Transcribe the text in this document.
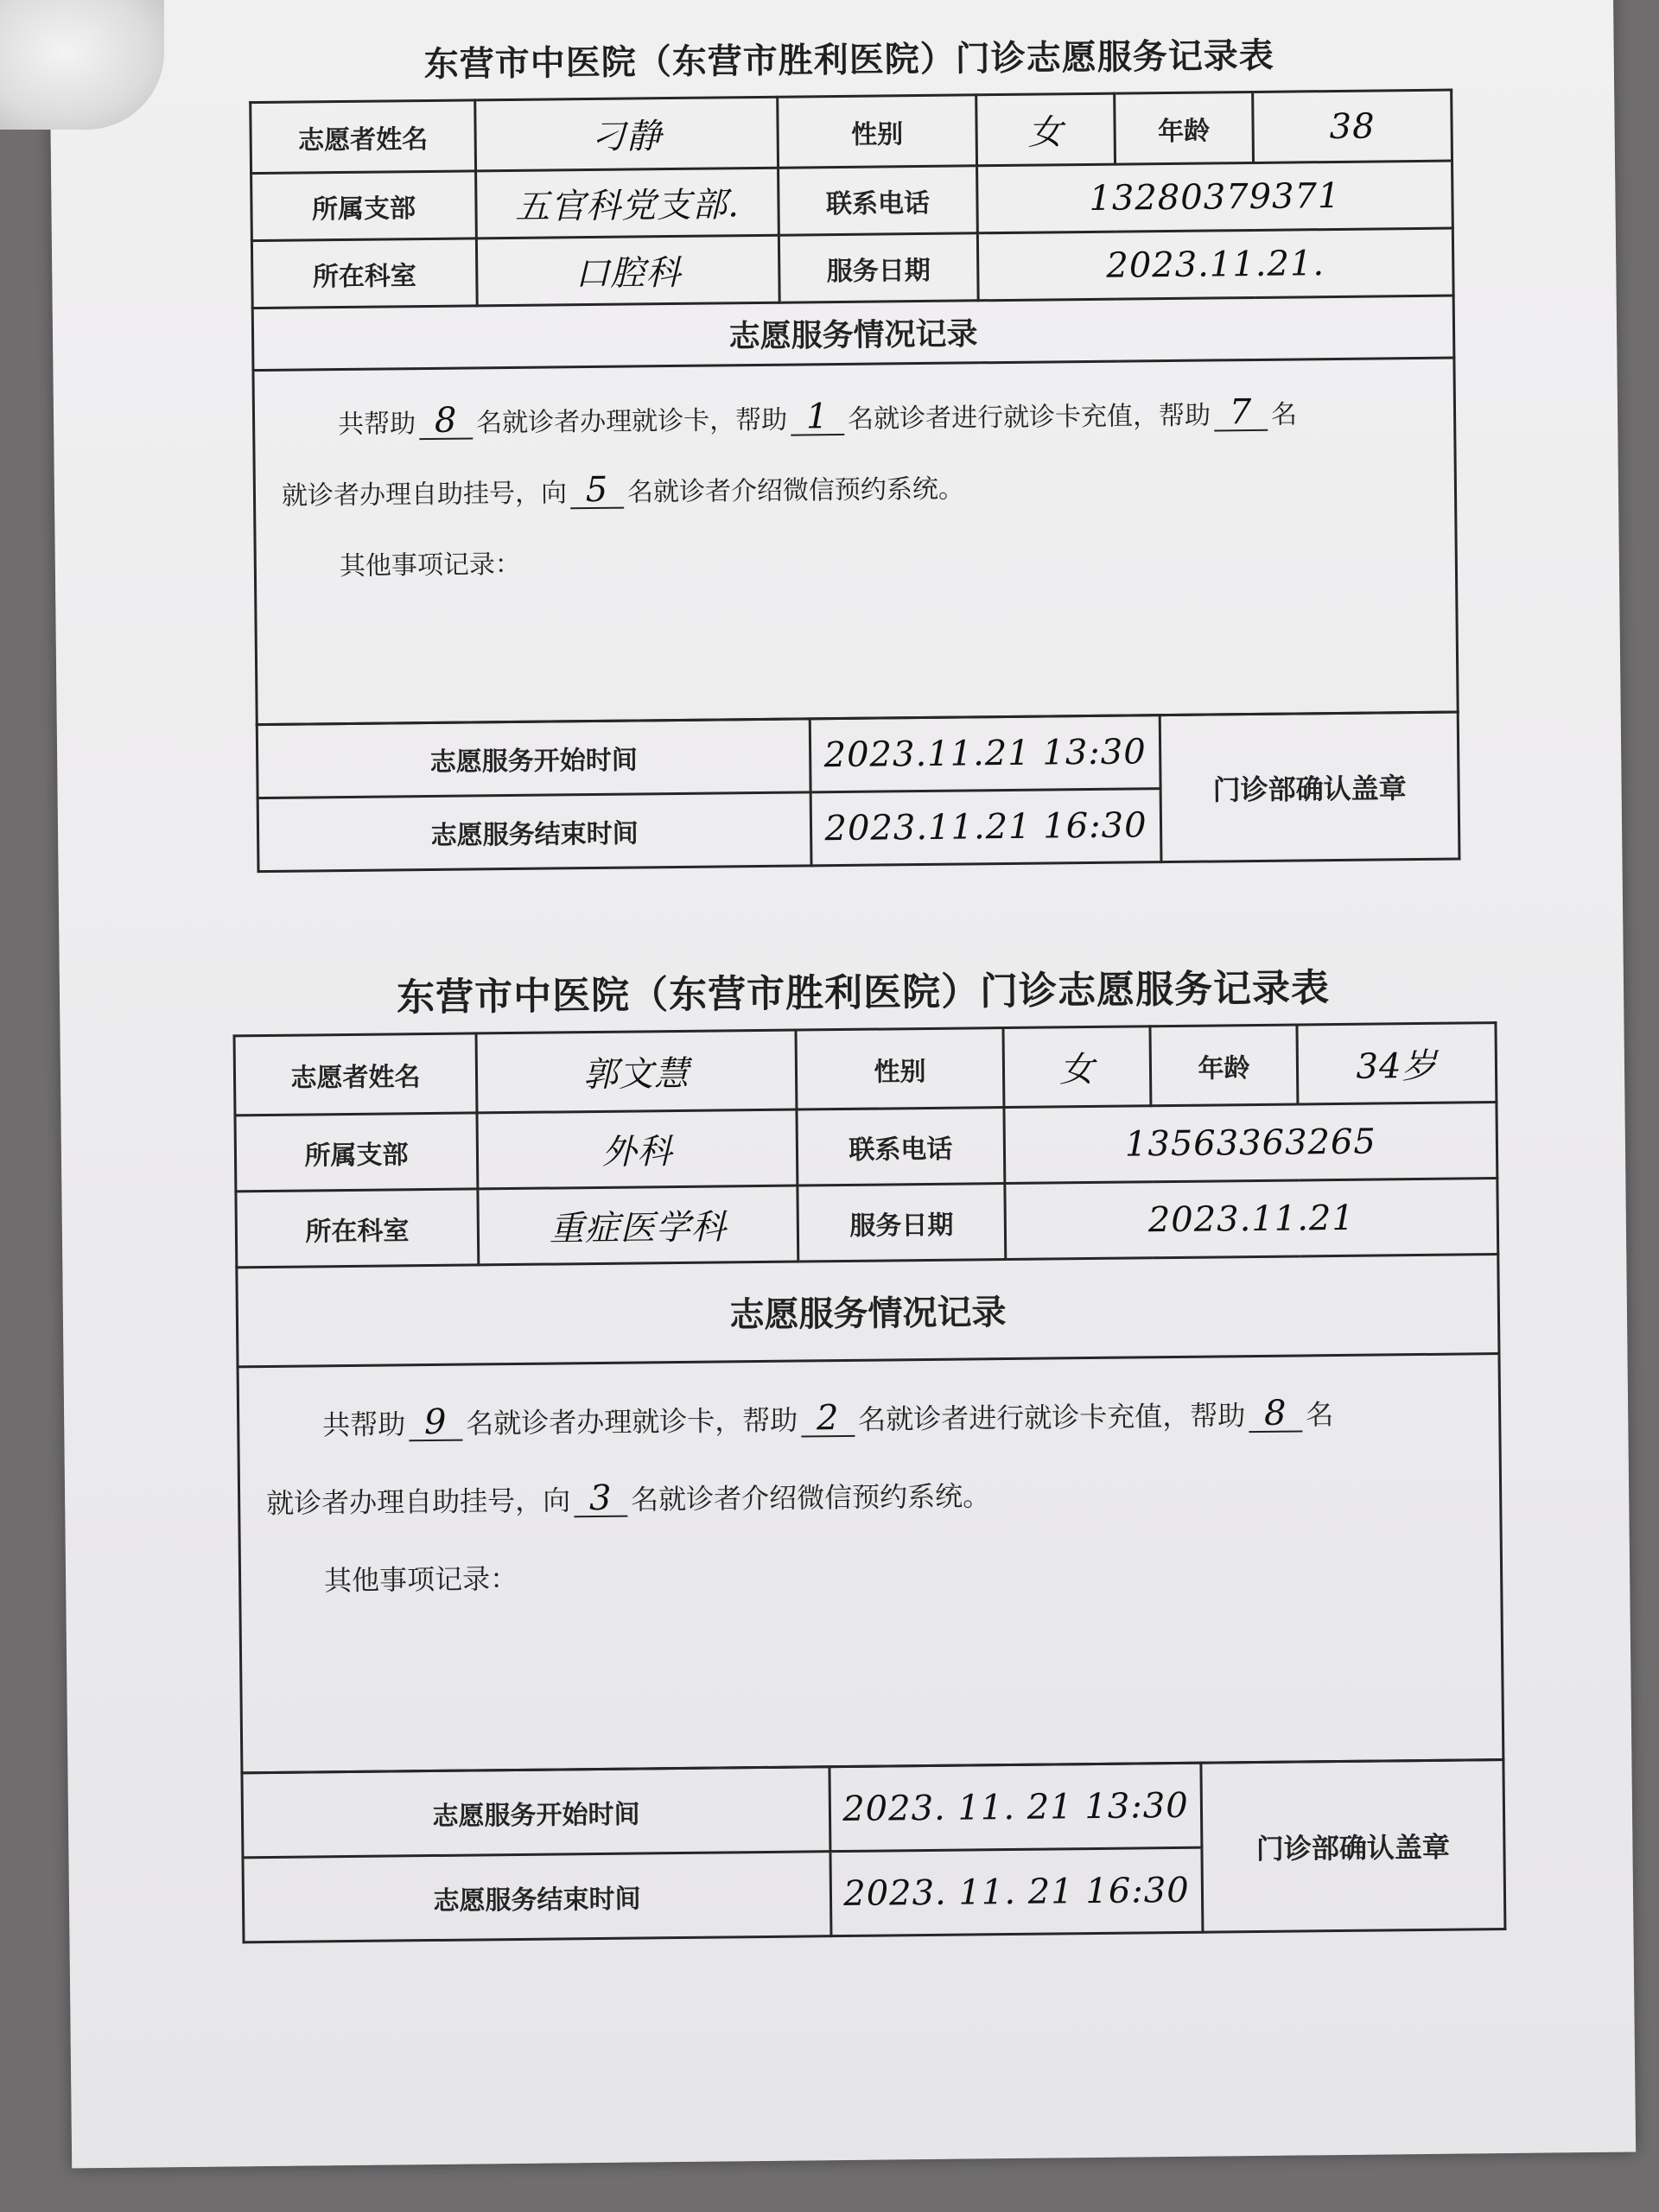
东营市中医院（东营市胜利医院）门诊志愿服务记录表
志愿者姓名	刁静	性别	女	年龄	38
所属支部	五官科党支部.	联系电话	13280379371		
所在科室	口腔科	服务日期	2023.11.21.		
志愿服务情况记录					

共帮助 8 名就诊者办理就诊卡，帮助 1 名就诊者进行就诊卡充值，帮助 7 名
就诊者办理自助挂号，向 5 名就诊者介绍微信预约系统。
其他事项记录：					
志愿服务开始时间	2023.11.21 13:30	门诊部确认盖章
志愿服务结束时间	2023.11.21 16:30	
东营市中医院（东营市胜利医院）门诊志愿服务记录表
志愿者姓名	郭文慧	性别	女	年龄	34岁
所属支部	外科	联系电话	13563363265		
所在科室	重症医学科	服务日期	2023.11.21		
志愿服务情况记录					

共帮助 9 名就诊者办理就诊卡，帮助 2 名就诊者进行就诊卡充值，帮助 8 名
就诊者办理自助挂号，向 3 名就诊者介绍微信预约系统。
其他事项记录：					
志愿服务开始时间	2023. 11. 21 13:30	门诊部确认盖章
志愿服务结束时间	2023. 11. 21 16:30	
